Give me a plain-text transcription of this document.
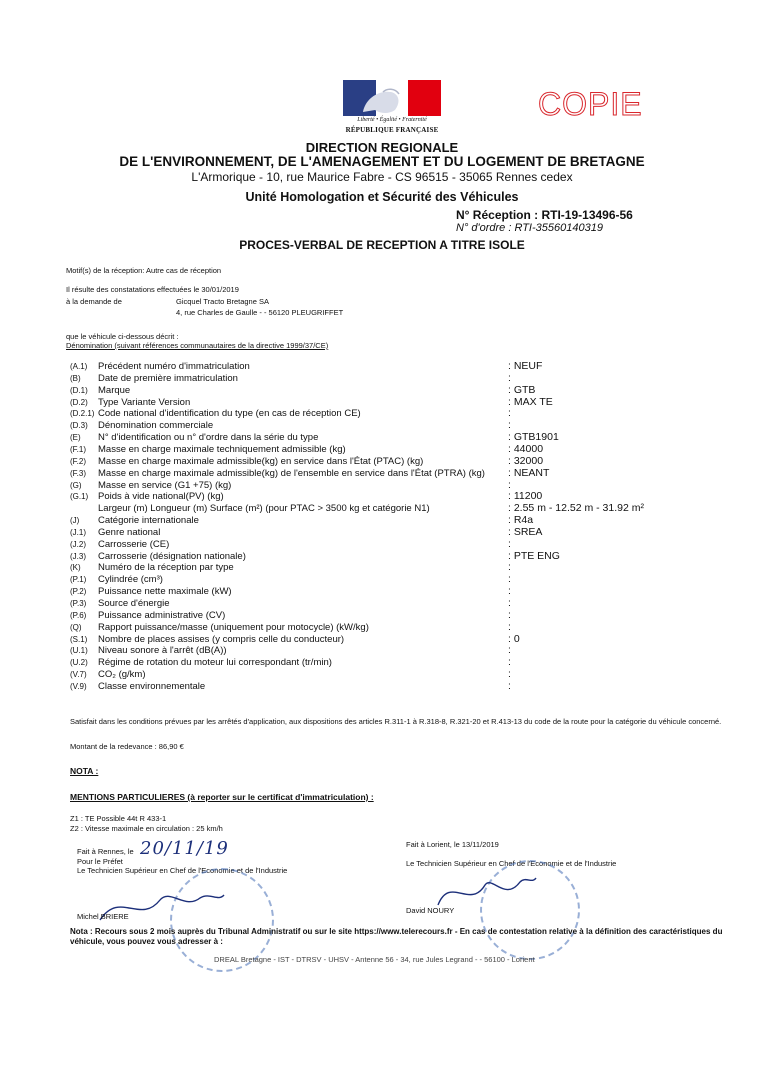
Liberté • Égalité • Fraternité
RÉPUBLIQUE FRANÇAISE
COPIE
DIRECTION REGIONALE
DE L'ENVIRONNEMENT, DE L'AMENAGEMENT ET DU LOGEMENT DE BRETAGNE
L'Armorique - 10, rue Maurice Fabre - CS 96515 - 35065 Rennes cedex
Unité Homologation et Sécurité des Véhicules
N° Réception : RTI-19-13496-56
N° d'ordre : RTI-35560140319
PROCES-VERBAL DE RECEPTION A TITRE ISOLE
Motif(s) de la réception: Autre cas de réception
Il résulte des constatations effectuées le 30/01/2019
à la demande de	Gicquel Tracto Bretagne SA
4, rue Charles de Gaulle - - 56120 PLEUGRIFFET
que le véhicule ci-dessous décrit :
Dénomination (suivant références communautaires de la directive 1999/37/CE)
(A.1) Précédent numéro d'immatriculation	: NEUF
(B) Date de première immatriculation	:
(D.1) Marque	: GTB
(D.2) Type Variante Version	: MAX TE
(D.2.1) Code national d'identification du type (en cas de réception CE)	:
(D.3) Dénomination commerciale	:
(E) N° d'identification ou n° d'ordre dans la série du type	: GTB1901
(F.1) Masse en charge maximale techniquement admissible (kg)	: 44000
(F.2) Masse en charge maximale admissible(kg) en service dans l'État (PTAC) (kg)	: 32000
(F.3) Masse en charge maximale admissible(kg) de l'ensemble en service dans l'État (PTRA) (kg) : NEANT
(G) Masse en service (G1 +75) (kg)	:
(G.1) Poids à vide national(PV) (kg)	: 11200
Largeur (m) Longueur (m) Surface (m²) (pour PTAC > 3500 kg et catégorie N1)	: 2.55 m - 12.52 m - 31.92 m²
(J) Catégorie internationale	: R4a
(J.1) Genre national	: SREA
(J.2) Carrosserie (CE)	:
(J.3) Carrosserie (désignation nationale)	: PTE ENG
(K) Numéro de la réception par type	:
(P.1) Cylindrée (cm³)	:
(P.2) Puissance nette maximale (kW)	:
(P.3) Source d'énergie	:
(P.6) Puissance administrative (CV)	:
(Q) Rapport puissance/masse (uniquement pour motocycle) (kW/kg)	:
(S.1) Nombre de places assises (y compris celle du conducteur)	: 0
(U.1) Niveau sonore à l'arrêt (dB(A))	:
(U.2) Régime de rotation du moteur lui correspondant (tr/min)	:
(V.7) CO₂ (g/km)	:
(V.9) Classe environnementale	:
Satisfait dans les conditions prévues par les arrêtés d'application, aux dispositions des articles R.311-1 à R.318-8, R.321-20 et R.413-13 du code de la route pour la catégorie du véhicule concerné.
Montant de la redevance : 86,90 €
NOTA :
MENTIONS PARTICULIERES (à reporter sur le certificat d'immatriculation) :
Z1 : TE Possible 44t R 433-1
Z2 : Vitesse maximale en circulation : 25 km/h
Fait à Rennes, le 20/11/19
Pour le Préfet
Le Technicien Supérieur en Chef de l'Economie et de l'Industrie
Michel BRIERE
Fait à Lorient, le 13/11/2019
Le Technicien Supérieur en Chef de l'Economie et de l'Industrie
David NOURY
Nota : Recours sous 2 mois auprès du Tribunal Administratif ou sur le site https://www.telerecours.fr - En cas de contestation relative à la définition des caractéristiques du véhicule, vous pouvez vous adresser à :
DREAL Bretagne - IST - DTRSV - UHSV - Antenne 56 - 34, rue Jules Legrand - - 56100 - Lorient
